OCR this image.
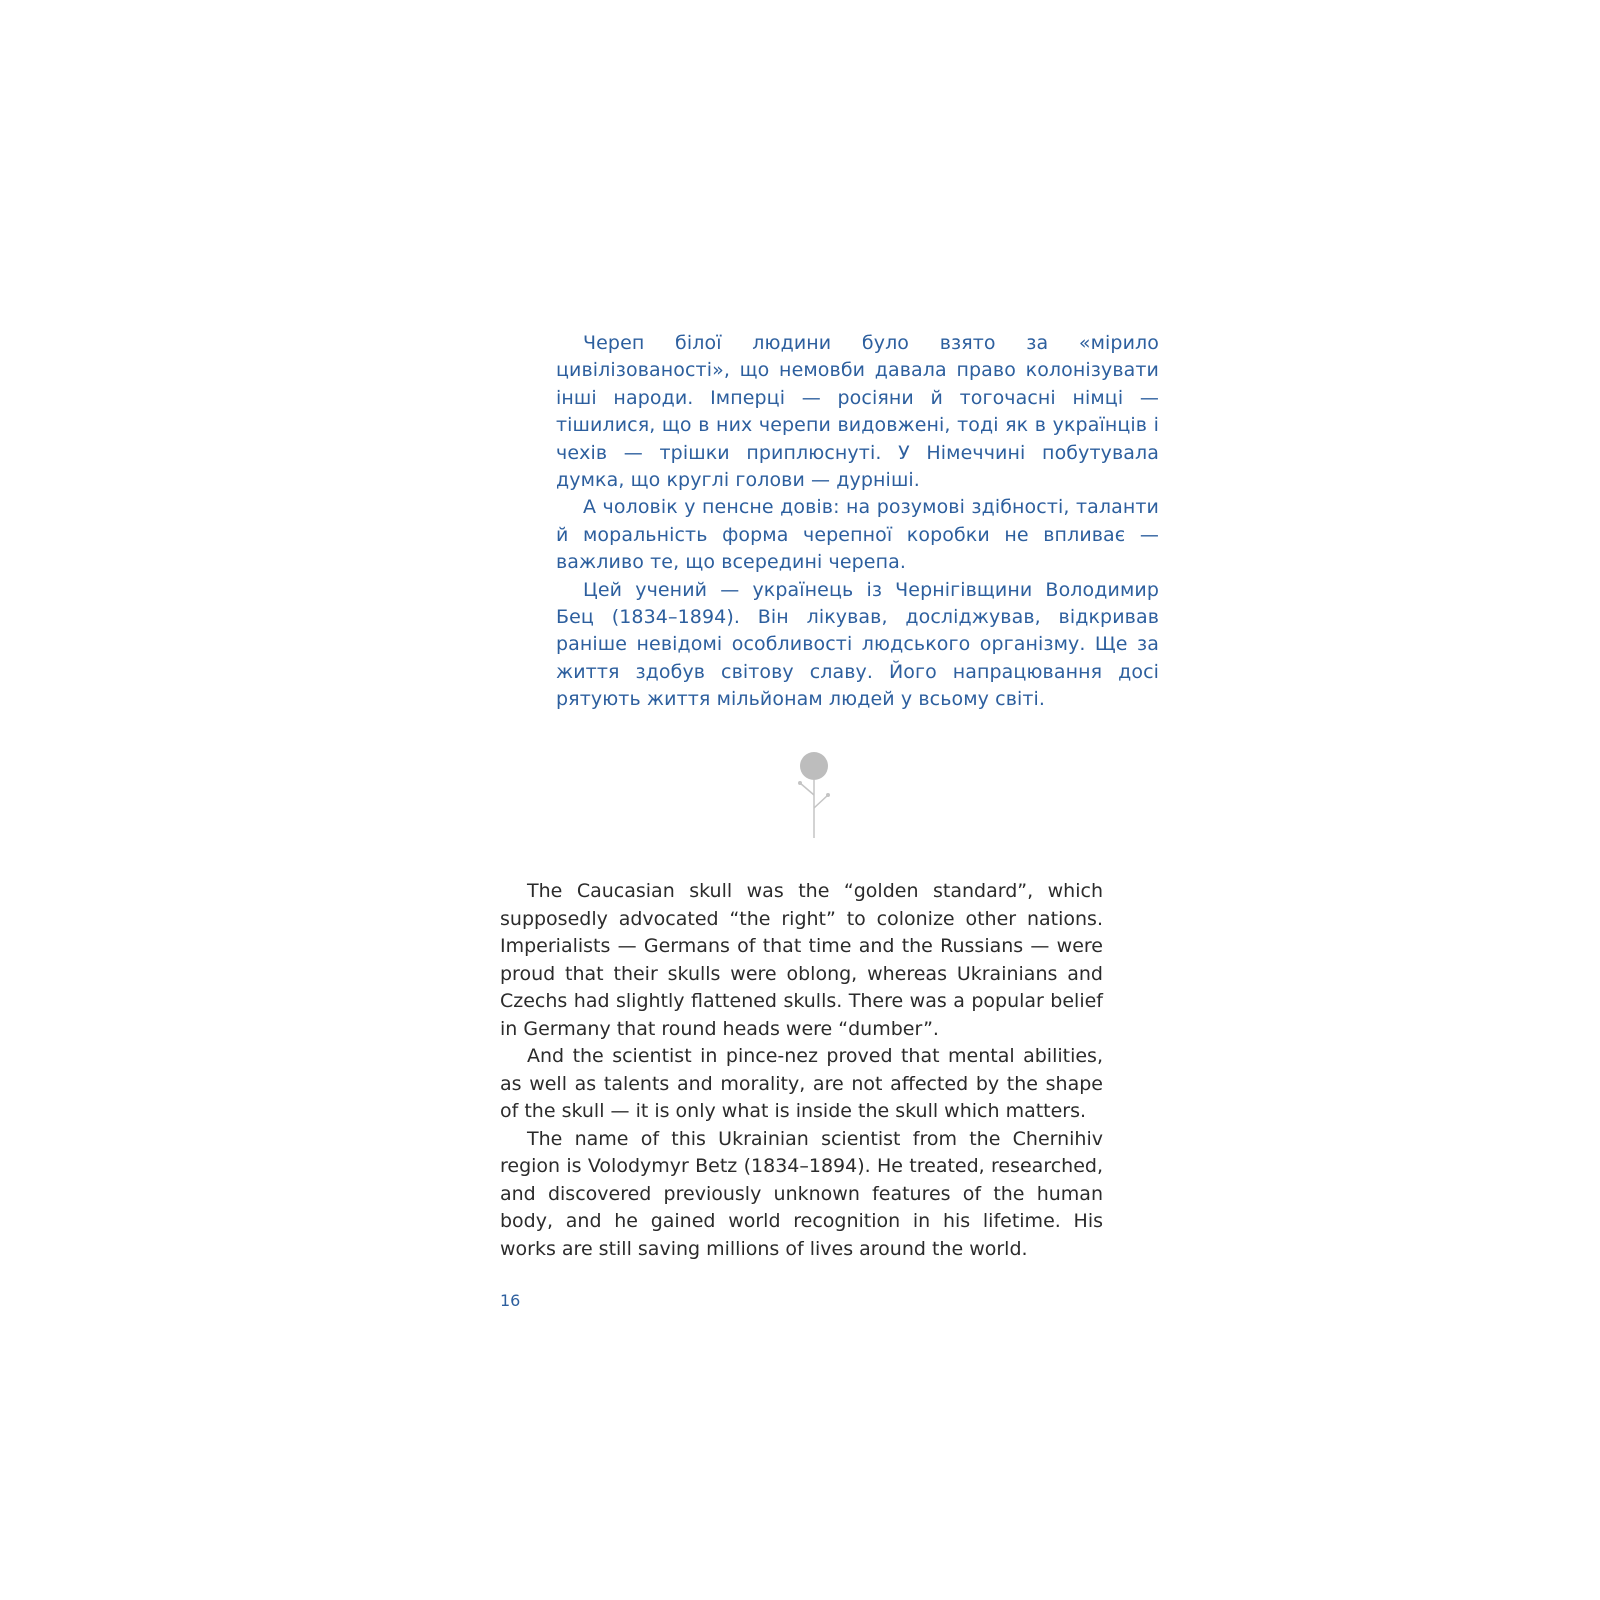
Череп білої людини було взято за «мірило цивілізованості», що немовби давала право колонізувати інші народи. Імперці — росіяни й тогочасні німці — тішилися, що в них черепи видовжені, тоді як в українців і чехів — трішки приплюснуті. У Німеччині побутувала думка, що круглі голови — дурніші.

А чоловік у пенсне довів: на розумові здібності, таланти й моральність форма черепної коробки не впливає — важливо те, що всередині черепа.

Цей учений — українець із Чернігівщини Володимир Бец (1834–1894). Він лікував, досліджував, відкривав раніше невідомі особливості людського організму. Ще за життя здобув світову славу. Його напрацювання досі рятують життя мільйонам людей у всьому світі.

The Caucasian skull was the “golden standard”, which supposedly advocated “the right” to colonize other nations. Imperialists — Germans of that time and the Russians — were proud that their skulls were oblong, whereas Ukrainians and Czechs had slightly flattened skulls. There was a popular belief in Germany that round heads were “dumber”.

And the scientist in pince-nez proved that mental abilities, as well as talents and morality, are not affected by the shape of the skull — it is only what is inside the skull which matters.

The name of this Ukrainian scientist from the Chernihiv region is Volodymyr Betz (1834–1894). He treated, researched, and discovered previously unknown features of the human body, and he gained world recognition in his lifetime. His works are still saving millions of lives around the world.

16
